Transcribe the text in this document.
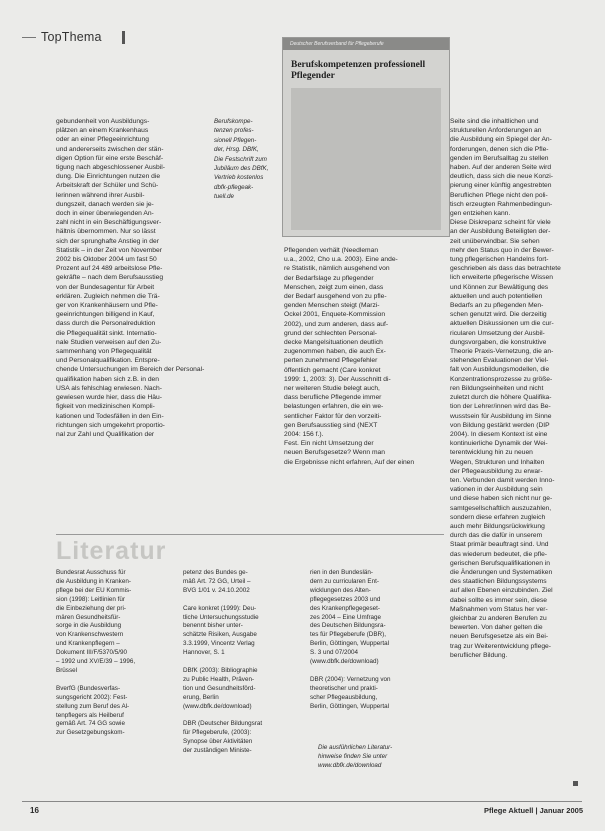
TopThema	Deutscher Berufsverband für Pflegeberufe
Berufskompetenzen professionell Pflegender

Berufskompe-
tenzen profes-
sionell Pflegen-
der, Hrsg. DBfK,
Die Festschrift zum
Jubiläum des DBfK,
Vertrieb kostenlos
dbfk-pflegeak-
tuell.de

gebundenheit von Ausbildungs-
plätzen an einem Krankenhaus
oder an einer Pflegeeinrichtung
und andererseits zwischen der stän-
digen Option für eine erste Beschäf-
tigung nach abgeschlossener Ausbil-
dung. Die Einrichtungen nutzen die
Arbeitskraft der Schüler und Schü-
lerinnen während ihrer Ausbil-
dungszeit, danach werden sie je-
doch in einer überwiegenden An-
zahl nicht in ein Beschäftigungsver-
hältnis übernommen. Nur so lässt
sich der sprunghafte Anstieg in der
Statistik – in der Zeit von November
2002 bis Oktober 2004 um fast 50
Prozent auf 24 489 arbeitslose Pfle-
gekräfte – nach dem Berufsausstieg
von der Bundesagentur für Arbeit
erklären. Zugleich nehmen die Trä-
ger von Krankenhäusern und Pfle-
geeinrichtungen billigend in Kauf,
dass durch die Personalreduktion
die Pflegequalität sinkt. Internatio-
nale Studien verweisen auf den Zu-
sammenhang von Pflegequalität
und Personalqualifikation. Entspre-
chende Untersuchungen im Bereich der Personal-
qualifikation haben sich z.B. in den
USA als fehlschlag erwiesen. Nach-
gewiesen wurde hier, dass die Häu-
figkeit von medizinischen Kompli-
kationen und Todesfällen in den Ein-
richtungen sich umgekehrt proportio-
nal zur Zahl und Qualifikation der

Pflegenden verhält (Needleman
u.a., 2002, Cho u.a. 2003). Eine ande-
re Statistik, nämlich ausgehend von
der Bedarfslage zu pflegender
Menschen, zeigt zum einen, dass
der Bedarf ausgehend von zu pfle-
genden Menschen steigt (Marzi-
Ockel 2001, Enquete-Kommission
2002), und zum anderen, dass auf-
grund der schlechten Personal-
decke Mangelsituationen deutlich
zugenommen haben, die auch Ex-
perten zunehmend Pflegefehler
öffentlich gemacht (Care konkret
1999: 1, 2003: 3). Der Ausschnitt di-
ner weiteren Studie belegt auch,
dass berufliche Pflegende immer
belastungen erfahren, die ein we-
sentlicher Faktor für den vorzeiti-
gen Berufsausstieg sind (NEXT
2004: 156 f.).
Fest. Ein nicht Umsetzung der
neuen Berufsgesetze? Wenn man
die Ergebnisse nicht erfahren, Auf der einen

Seite sind die inhaltlichen und
strukturellen Anforderungen an
die Ausbildung ein Spiegel der An-
forderungen, denen sich die Pfle-
genden im Berufsalltag zu stellen
haben. Auf der anderen Seite wird
deutlich, dass sich die neue Konzi-
pierung einer künftig angestrebten
Beruflichen Pflege nicht den poli-
tisch erzeugten Rahmenbedingun-
gen entziehen kann.
Diese Diskrepanz scheint für viele
an der Ausbildung Beteiligten der-
zeit unüberwindbar. Sie sehen
mehr den Status quo in der Bewer-
tung pflegerischen Handelns fort-
geschrieben als dass das betrachtete
lich erweiterte pflegerische Wissen
und Können zur Bewältigung des
aktuellen und auch potentiellen
Bedarfs an zu pflegenden Men-
schen genutzt wird. Die derzeitig
aktuellen Diskussionen um die cur-
ricularen Umsetzung der Ausbil-
dungsvorgaben, die konstruktive
Theorie Praxis-Vernetzung, die an-
stehenden Evaluationen der Viel-
falt von Ausbildungsmodellen, die
Konzentrationsprozesse zu größe-
ren Bildungseinheiten und nicht
zuletzt durch die höhere Qualifika-
tion der Lehrer/innen wird das Be-
wusstsein für Ausbildung im Sinne
von Bildung gestärkt werden (DIP
2004). In diesem Kontext ist eine
kontinuierliche Dynamik der Wei-
terentwicklung hin zu neuen
Wegen, Strukturen und Inhalten
der Pflegeausbildung zu erwar-
ten. Verbunden damit werden Inno-
vationen in der Ausbildung sein
und diese haben sich nicht nur ge-
samtgesellschaftlich auszuzahlen,
sondern diese erfahren zugleich
auch mehr Bildungsrückwirkung
durch das die dafür in unserem
Staat primär beauftragt sind. Und
das wiederum bedeutet, die pfle-
gerischen Berufsqualifikationen in
die Änderungen und Systematiken
des staatlichen Bildungssystems
auf allen Ebenen einzubinden. Ziel
dabei sollte es immer sein, diese
Maßnahmen vom Status her ver-
gleichbar zu anderen Berufen zu
bewerten. Von daher gelten die
neuen Berufsgesetze als ein Bei-
trag zur Weiterentwicklung pflege-
beruflicher Bildung.

Literatur

Bundesrat Ausschuss für
die Ausbildung in Kranken-
pflege bei der EU Kommis-
sion (1998): Leitlinien für
die Einbeziehung der pri-
mären Gesundheitsfür-
sorge in die Ausbildung
von Krankenschwestern
und Krankenpflegern –
Dokument III/F/5370/5/90
– 1992 und XV/E/39 – 1996,
Brüssel

BverfG (Bundesverfas-
sungsgericht 2002): Fest-
stellung zum Beruf des Al-
tenpflegers als Heilberuf
gemäß Art. 74 GG sowie
zur Gesetzgebungskom-

petenz des Bundes ge-
mäß Art. 72 GG, Urteil –
BVG 1/01 v. 24.10.2002

Care konkret (1999): Deu-
tliche Untersuchungsstudie
benennt bisher unter-
schätzte Risiken, Ausgabe
3.3.1999, Vincentz Verlag
Hannover, S. 1

DBfK (2003): Bibliographie
zu Public Health, Präven-
tion und Gesundheitsförd-
erung, Berlin
(www.dbfk.de/download)

DBR (Deutscher Bildungsrat
für Pflegeberufe, (2003):
Synopse über Aktivitäten
der zuständigen Ministe-

rien in den Bundeslän-
dern zu curricularen Ent-
wicklungen des Alten-
pflegegesetzes 2003 und
des Krankenpflegegeset-
zes 2004 – Eine Umfrage
des Deutschen Bildungsra-
tes für Pflegeberufe (DBR),
Berlin, Göttingen, Wuppertal
S. 3 und 07/2004
(www.dbfk.de/download)

DBR (2004): Vernetzung von
theoretischer und prakti-
scher Pflegeausbildung,
Berlin, Göttingen, Wuppertal

Die ausführlichen Literatur-
hinweise finden Sie unter
www.dbfk.de/download

16	Pflege Aktuell | Januar 2005
